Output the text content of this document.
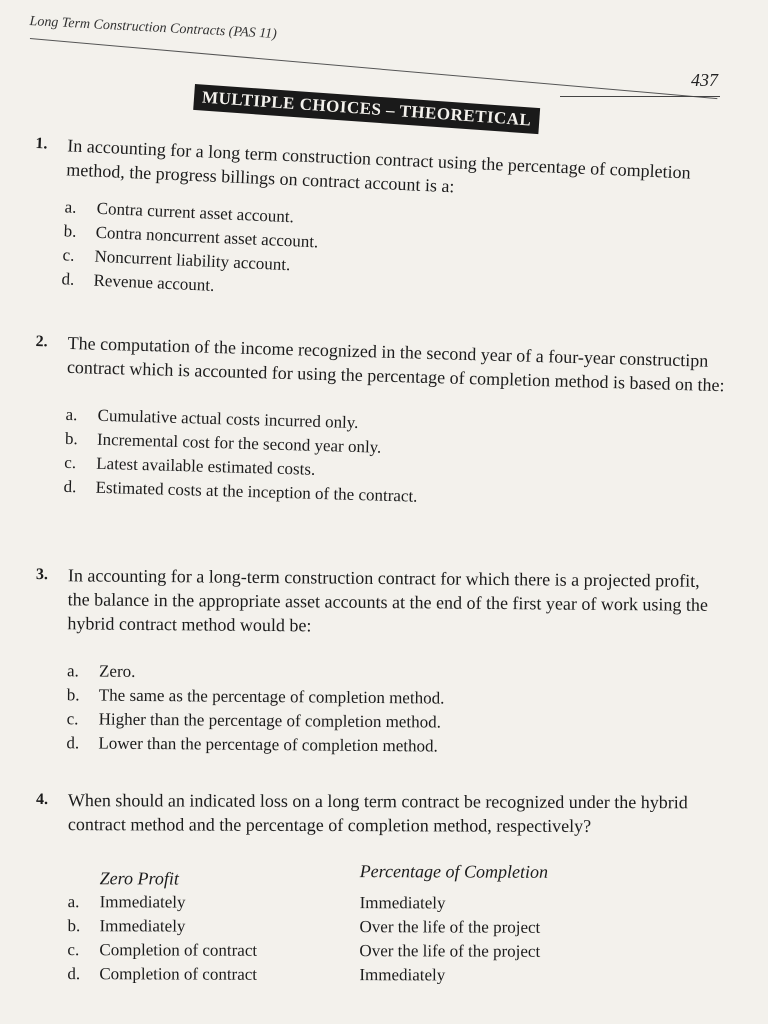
Long Term Construction Contracts (PAS 11)
437
MULTIPLE CHOICES – THEORETICAL
1. In accounting for a long term construction contract using the percentage of completion method, the progress billings on contract account is a:
a. Contra current asset account.
b. Contra noncurrent asset account.
c. Noncurrent liability account.
d. Revenue account.
2. The computation of the income recognized in the second year of a four-year constructipn contract which is accounted for using the percentage of completion method is based on the:
a. Cumulative actual costs incurred only.
b. Incremental cost for the second year only.
c. Latest available estimated costs.
d. Estimated costs at the inception of the contract.
3. In accounting for a long-term construction contract for which there is a projected profit, the balance in the appropriate asset accounts at the end of the first year of work using the hybrid contract method would be:
a. Zero.
b. The same as the percentage of completion method.
c. Higher than the percentage of completion method.
d. Lower than the percentage of completion method.
4. When should an indicated loss on a long term contract be recognized under the hybrid contract method and the percentage of completion method, respectively?
Zero Profit	Percentage of Completion
a.	Immediately	Immediately
b.	Immediately	Over the life of the project
c.	Completion of contract	Over the life of the project
d.	Completion of contract	Immediately
